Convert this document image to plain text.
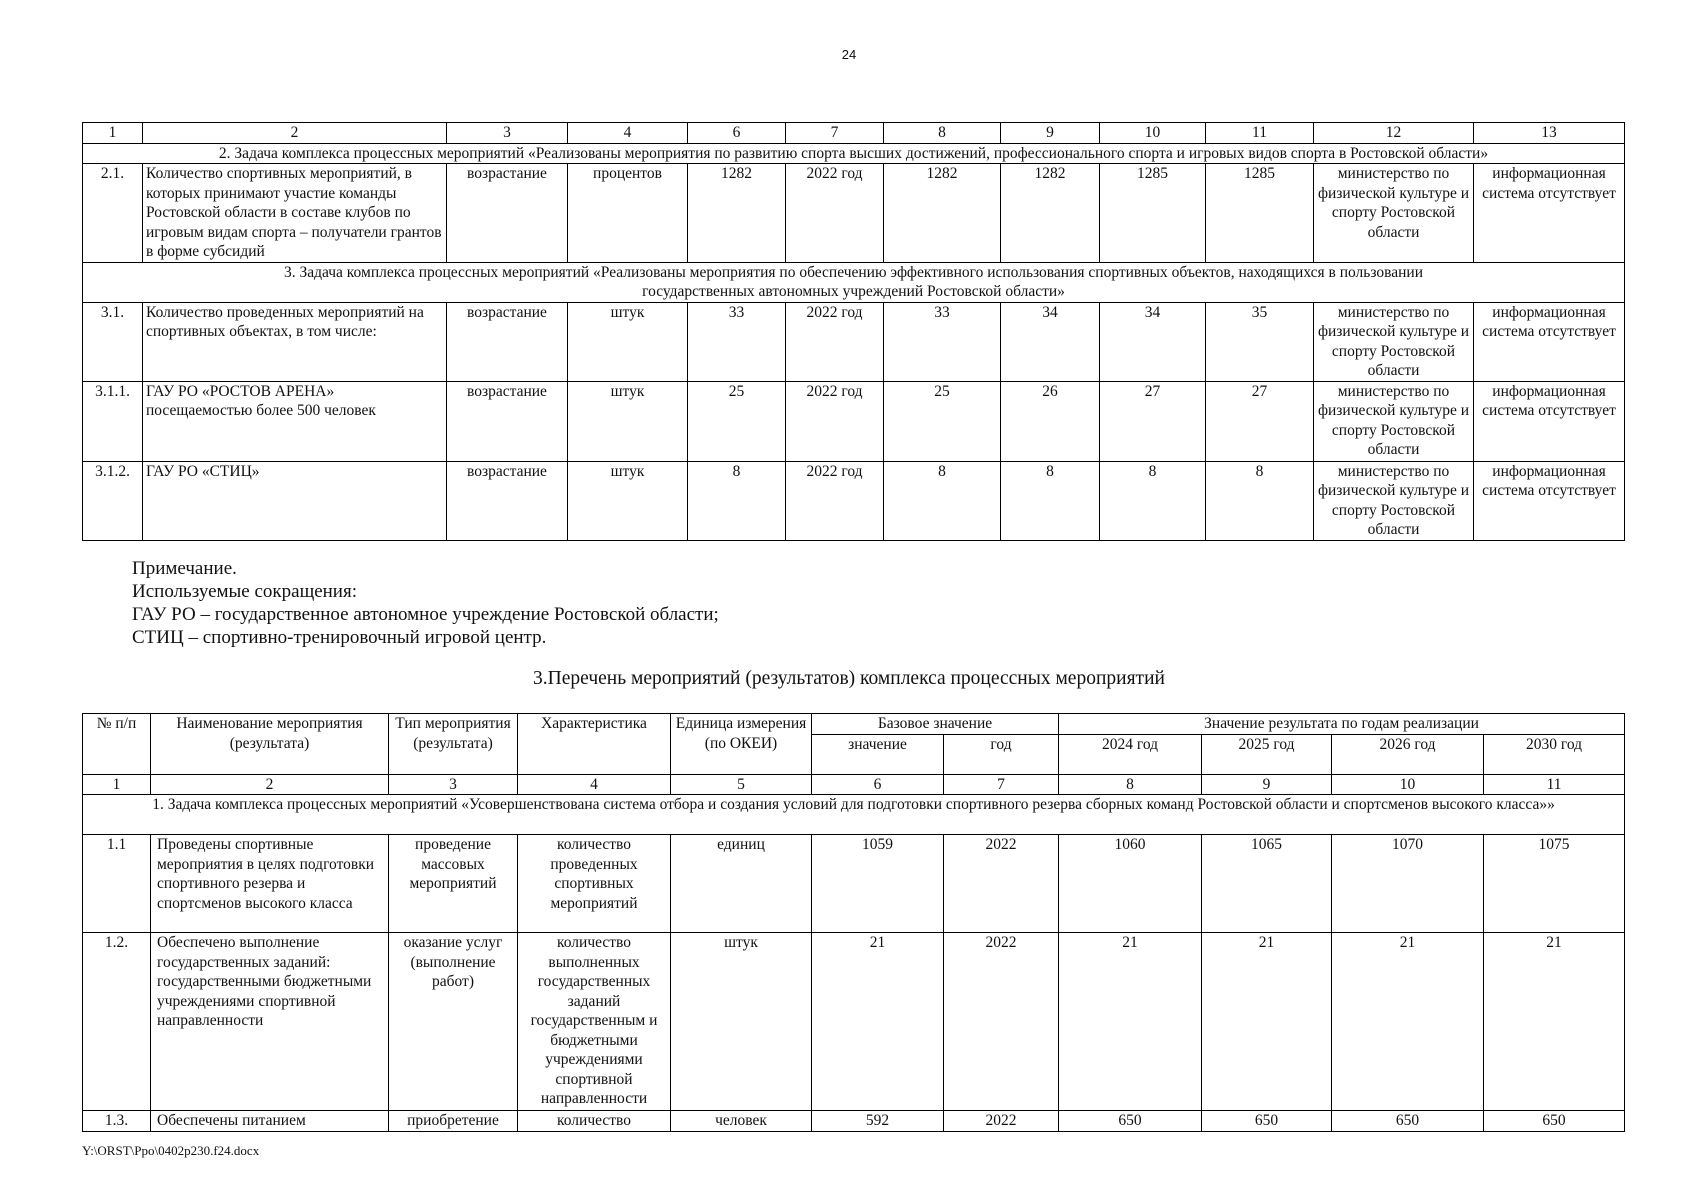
24
1	2	3	4	6	7	8	9	10	11	12	13
2. Задача комплекса процессных мероприятий «Реализованы мероприятия по развитию спорта высших достижений, профессионального спорта и игровых видов спорта в Ростовской области»											
2.1.	Количество спортивных мероприятий, в которых принимают участие команды Ростовской области в составе клубов по игровым видам спорта – получатели грантов в форме субсидий	возрастание	процентов	1282	2022 год	1282	1282	1285	1285	министерство по физической культуре и спорту Ростовской области	информационная система отсутствует
3. Задача комплекса процессных мероприятий «Реализованы мероприятия по обеспечению эффективного использования спортивных объектов, находящихся в пользовании государственных автономных учреждений Ростовской области»											
3.1.	Количество проведенных мероприятий на спортивных объектах, в том числе:	возрастание	штук	33	2022 год	33	34	34	35	министерство по физической культуре и спорту Ростовской области	информационная система отсутствует
3.1.1.	ГАУ РО «РОСТОВ АРЕНА» посещаемостью более 500 человек	возрастание	штук	25	2022 год	25	26	27	27	министерство по физической культуре и спорту Ростовской области	информационная система отсутствует
3.1.2.	ГАУ РО «СТИЦ»	возрастание	штук	8	2022 год	8	8	8	8	министерство по физической культуре и спорту Ростовской области	информационная система отсутствует
Примечание.
Используемые сокращения:
ГАУ РО – государственное автономное учреждение Ростовской области;
СТИЦ – спортивно-тренировочный игровой центр.
3.Перечень мероприятий (результатов) комплекса процессных мероприятий
№ п/п	Наименование мероприятия (результата)	Тип мероприятия (результата)	Характеристика	Единица измерения (по ОКЕИ)	Базовое значение		Значение результата по годам реализации			
					значение	год	2024 год	2025 год	2026 год	2030 год
1	2	3	4	5	6	7	8	9	10	11
1. Задача комплекса процессных мероприятий «Усовершенствована система отбора и создания условий для подготовки спортивного резерва сборных команд Ростовской области и спортсменов высокого класса»»										
1.1	Проведены спортивные мероприятия в целях подготовки спортивного резерва и спортсменов высокого класса	проведение массовых мероприятий	количество проведенных спортивных мероприятий	единиц	1059	2022	1060	1065	1070	1075
1.2.	Обеспечено выполнение государственных заданий: государственными бюджетными учреждениями спортивной направленности	оказание услуг (выполнение работ)	количество выполненных государственных заданий государственным и бюджетными учреждениями спортивной направленности	штук	21	2022	21	21	21	21
1.3.	Обеспечены питанием	приобретение	количество	человек	592	2022	650	650	650	650
Y:\ORST\Ppo\0402p230.f24.docx
